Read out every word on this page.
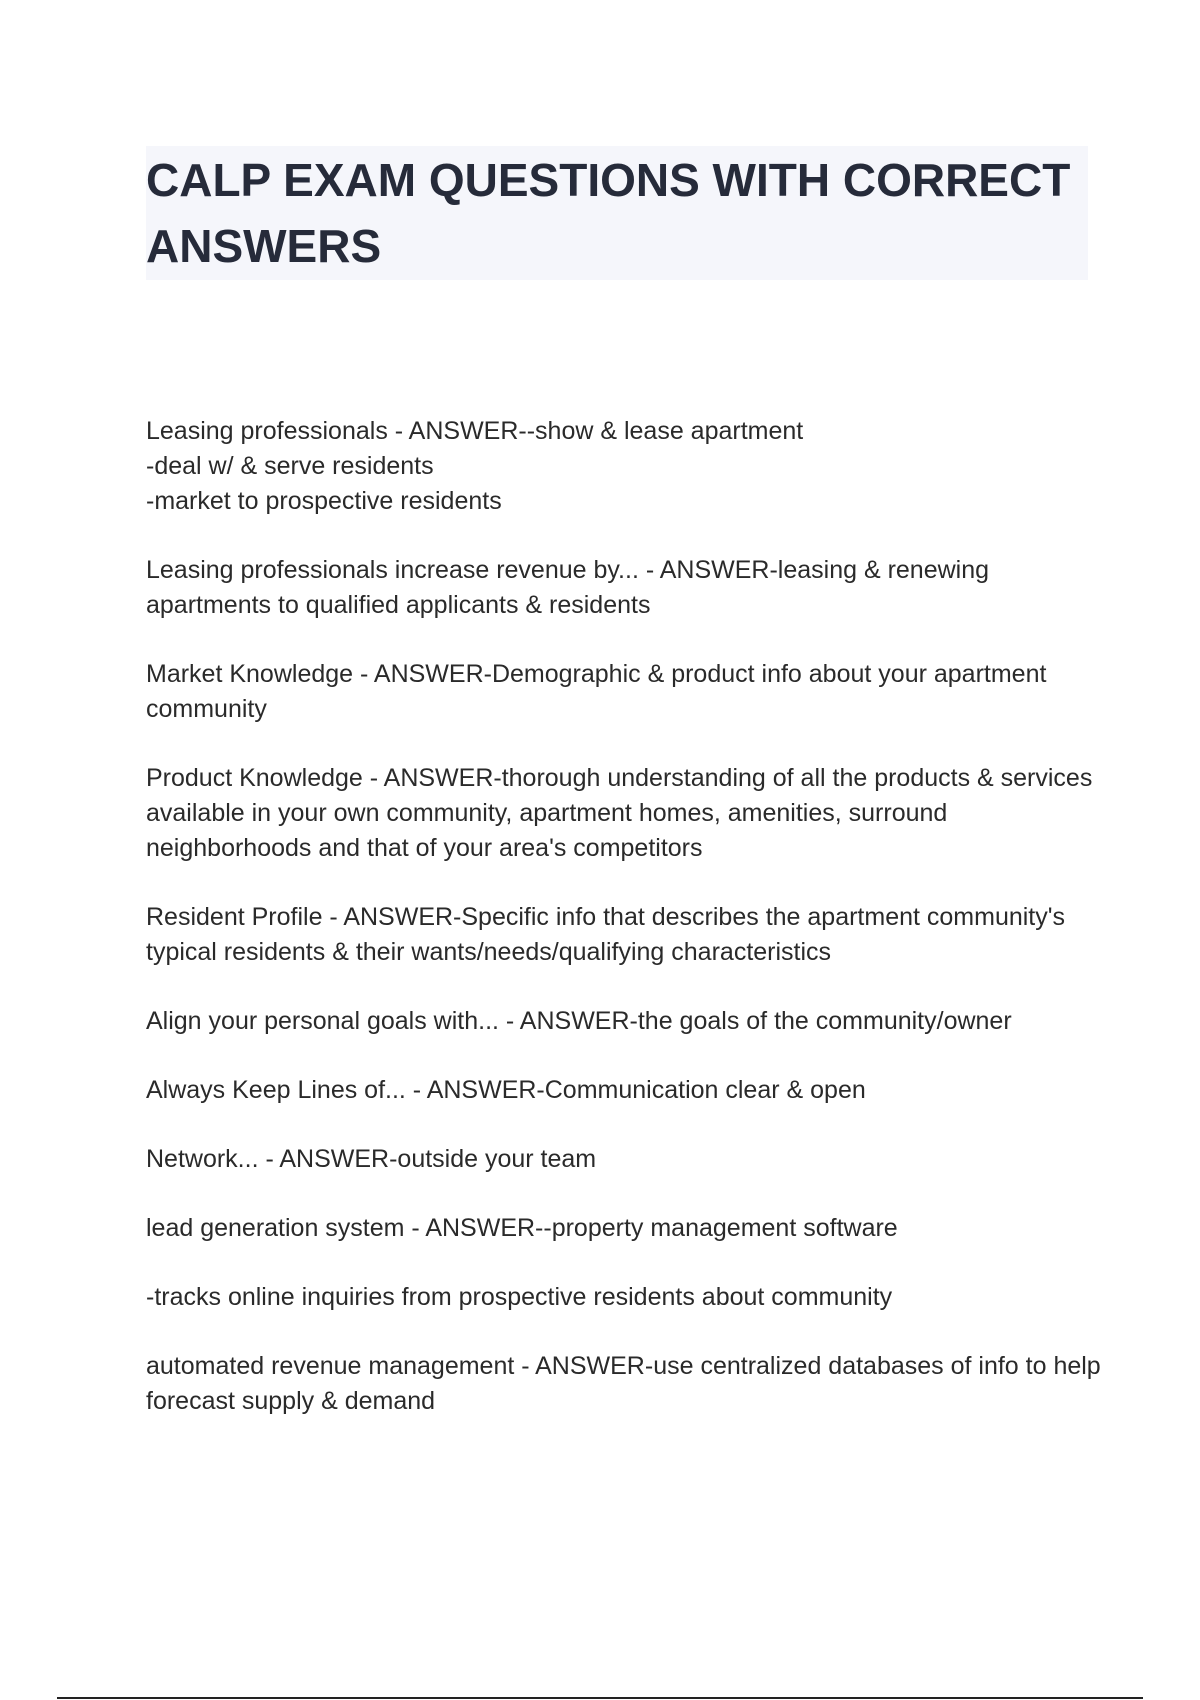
CALP EXAM QUESTIONS WITH CORRECT ANSWERS

Leasing professionals - ANSWER--show & lease apartment
-deal w/ & serve residents
-market to prospective residents

Leasing professionals increase revenue by... - ANSWER-leasing & renewing apartments to qualified applicants & residents

Market Knowledge - ANSWER-Demographic & product info about your apartment community

Product Knowledge - ANSWER-thorough understanding of all the products & services available in your own community, apartment homes, amenities, surround neighborhoods and that of your area's competitors

Resident Profile - ANSWER-Specific info that describes the apartment community's typical residents & their wants/needs/qualifying characteristics

Align your personal goals with... - ANSWER-the goals of the community/owner

Always Keep Lines of... - ANSWER-Communication clear & open

Network... - ANSWER-outside your team

lead generation system - ANSWER--property management software

-tracks online inquiries from prospective residents about community

automated revenue management - ANSWER-use centralized databases of info to help forecast supply & demand
